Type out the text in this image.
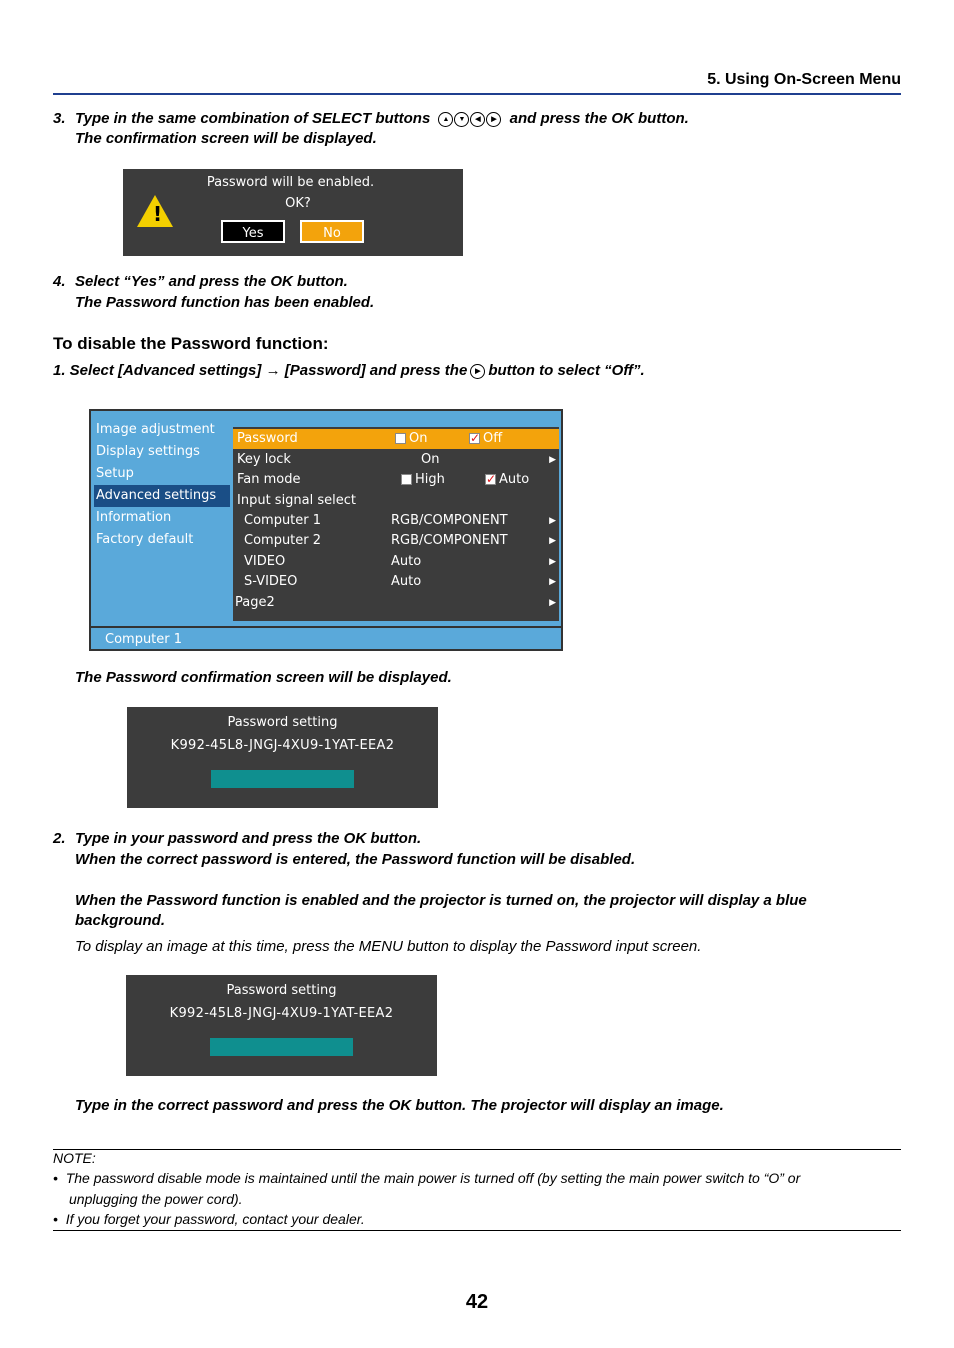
5. Using On-Screen Menu
3. Type in the same combination of SELECT buttons	▲	▼	◀	▶ and press the OK button.
The confirmation screen will be displayed.
!
Password will be enabled.
OK?
Yes	No
4. Select “Yes” and press the OK button.
The Password function has been enabled.
To disable the Password function:
1. Select [Advanced settings] → [Password] and press the ▶ button to select “Off”.
Image adjustment
Display settings
Setup
Advanced settings
Information
Factory default
Password	On ✓	Off
Key lock	On	▶
Fan mode	High ✓	Auto
Input signal select
Computer 1	RGB/COMPONENT	▶
Computer 2	RGB/COMPONENT	▶
VIDEO	Auto	▶
S-VIDEO	Auto	▶
Page2	▶
Computer 1
The Password confirmation screen will be displayed.
Password setting
K992-45L8-JNGJ-4XU9-1YAT-EEA2
2. Type in your password and press the OK button.
When the correct password is entered, the Password function will be disabled.
When the Password function is enabled and the projector is turned on, the projector will display a blue
background.
To display an image at this time, press the MENU button to display the Password input screen.
Password setting
K992-45L8-JNGJ-4XU9-1YAT-EEA2
Type in the correct password and press the OK button. The projector will display an image.
NOTE:
• The password disable mode is maintained until the main power is turned off (by setting the main power switch to “O” or
unplugging the power cord).
• If you forget your password, contact your dealer.
42
